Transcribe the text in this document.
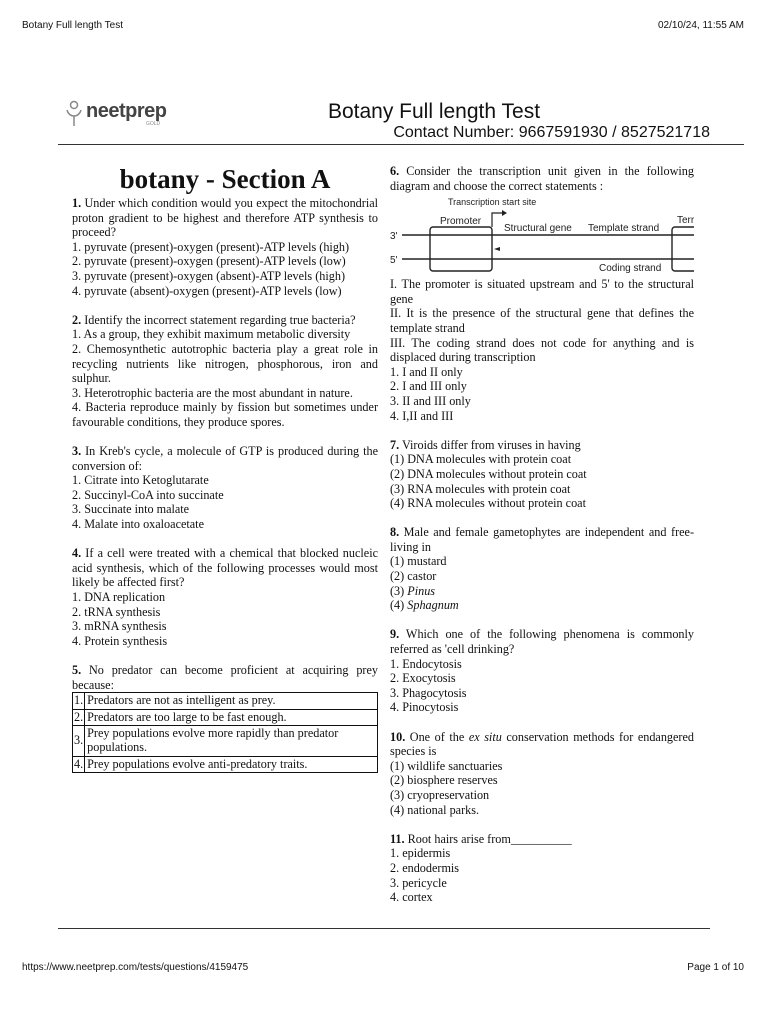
Botany Full length Test	02/10/24, 11:55 AM
https://www.neetprep.com/tests/questions/4159475	Page 1 of 10
neetprep
GOLD
Botany Full length Test
Contact Number: 9667591930 / 8527521718
botany - Section A

1. Under which condition would you expect the mitochondrial proton gradient to be highest and therefore ATP synthesis to proceed?

1. pyruvate (present)-oxygen (present)-ATP levels (high)

2. pyruvate (present)-oxygen (present)-ATP levels (low)

3. pyruvate (present)-oxygen (absent)-ATP levels (high)

4. pyruvate (absent)-oxygen (present)-ATP levels (low)

2. Identify the incorrect statement regarding true bacteria?

1. As a group, they exhibit maximum metabolic diversity

2. Chemosynthetic autotrophic bacteria play a great role in recycling nutrients like nitrogen, phosphorous, iron and sulphur.

3. Heterotrophic bacteria are the most abundant in nature.

4. Bacteria reproduce mainly by fission but sometimes under favourable conditions, they produce spores.

3. In Kreb's cycle, a molecule of GTP is produced during the conversion of:

1. Citrate into Ketoglutarate

2. Succinyl-CoA into succinate

3. Succinate into malate

4. Malate into oxaloacetate

4. If a cell were treated with a chemical that blocked nucleic acid synthesis, which of the following processes would most likely be affected first?

1. DNA replication

2. tRNA synthesis

3. mRNA synthesis

4. Protein synthesis

5. No predator can become proficient at acquiring prey because:

1.	Predators are not as intelligent as prey.
2.	Predators are too large to be fast enough.
3.	Prey populations evolve more rapidly than predator populations.
4.	Prey populations evolve anti-predatory traits.

6. Consider the transcription unit given in the following diagram and choose the correct statements :

Transcription start site
Promoter
Structural gene Template strand
Terr
Coding strand
3'
5'

I. The promoter is situated upstream and 5' to the structural gene

II. It is the presence of the structural gene that defines the template strand

III. The coding strand does not code for anything and is displaced during transcription

1. I and II only

2. I and III only

3. II and III only

4. I,II and III

7. Viroids differ from viruses in having

(1) DNA molecules with protein coat

(2) DNA molecules without protein coat

(3) RNA molecules with protein coat

(4) RNA molecules without protein coat

8. Male and female gametophytes are independent and free-living in

(1) mustard

(2) castor

(3) Pinus

(4) Sphagnum

9. Which one of the following phenomena is commonly referred as 'cell drinking?

1. Endocytosis

2. Exocytosis

3. Phagocytosis

4. Pinocytosis

10. One of the ex situ conservation methods for endangered species is

(1) wildlife sanctuaries

(2) biosphere reserves

(3) cryopreservation

(4) national parks.

11. Root hairs arise from__________

1. epidermis

2. endodermis

3. pericycle

4. cortex
